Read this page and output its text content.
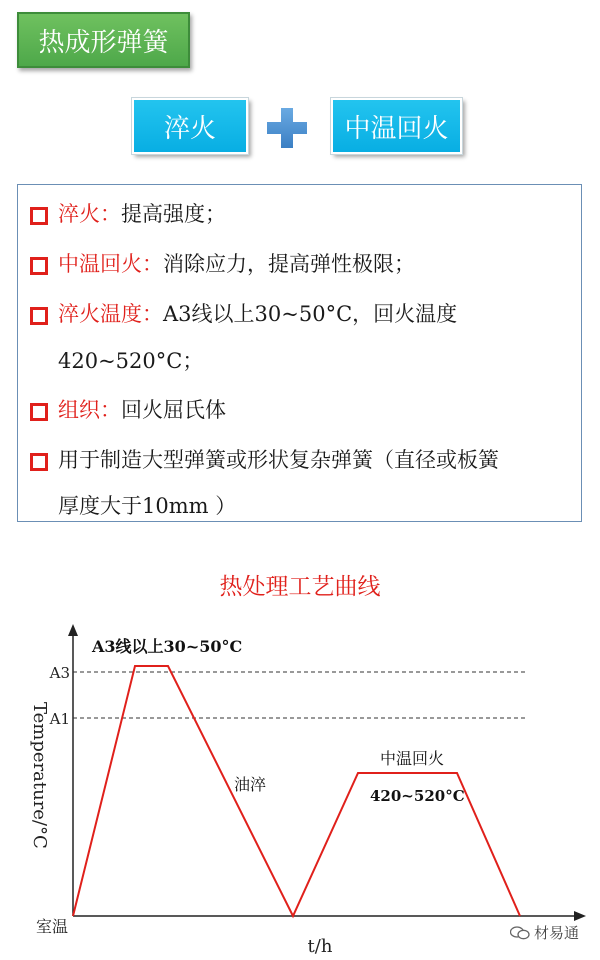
热成形弹簧
淬火	中温回火
淬火：提高强度；
中温回火：消除应力，提高弹性极限；
淬火温度：A3线以上30~50°C，回火温度
420~520°C；
组织：回火屈氏体
用于制造大型弹簧或形状复杂弹簧（直径或板簧
厚度大于10mm ）
热处理工艺曲线
A3
A1
室温
Temperature/°C
t/h
A3线以上30~50°C
油淬
中温回火
420~520°C
材易通
